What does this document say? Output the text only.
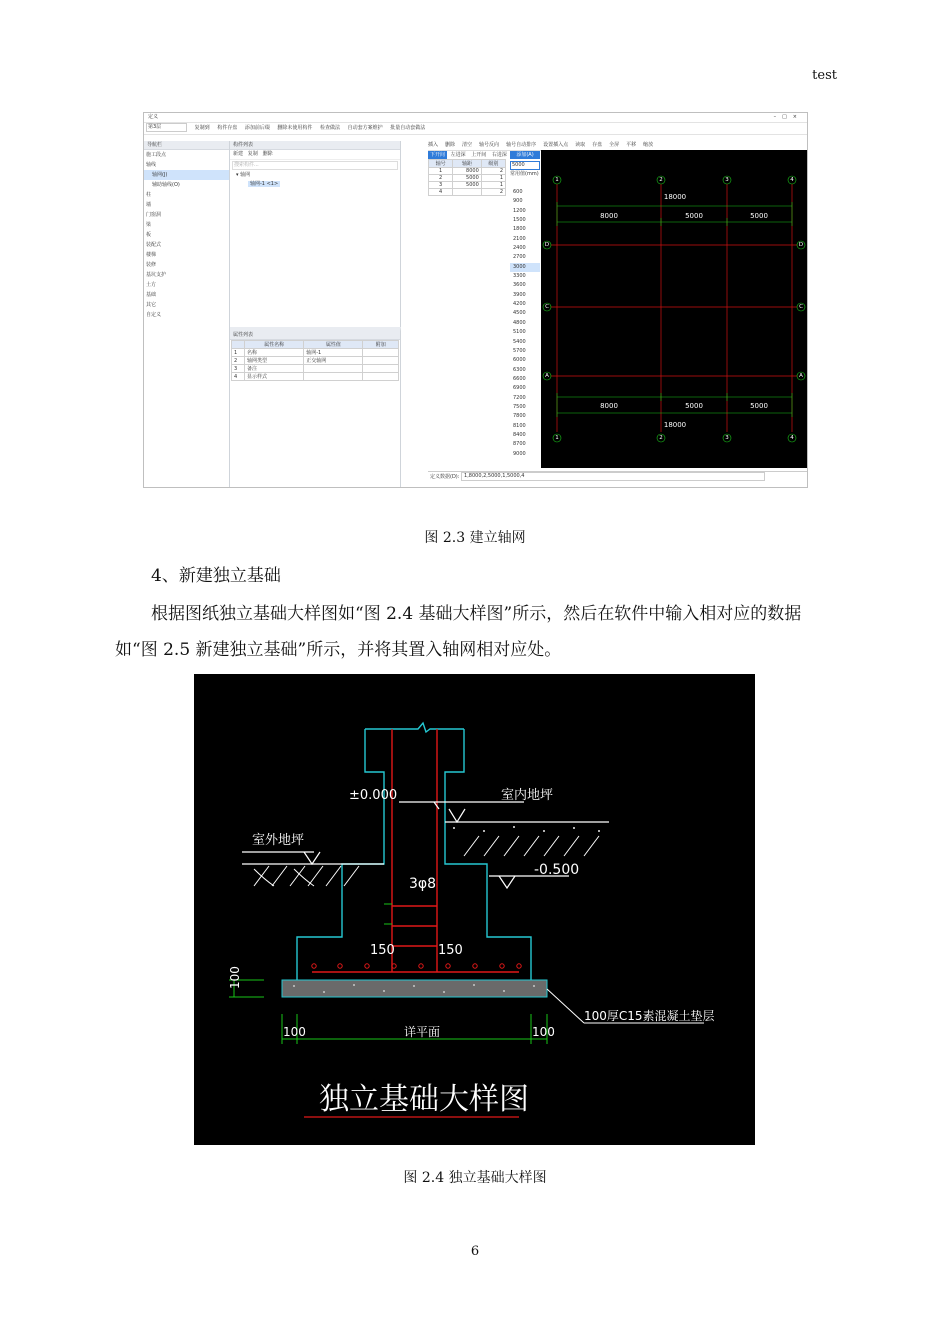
test
定义	–□×
第3层	复制到 构件存盘 添加前后缀 删除未使用构件 检查做法 自动套方案维护 批量自动套做法
导航栏
施工段点
轴线
轴网(J)
辅助轴线(O)
柱
墙
门窗洞
梁
板
装配式
楼梯
装修
基坑支护
土方
基础
其它
自定义
构件列表
新建 复制 删除
搜索构件...
▾ 轴网
轴网-1 <1>
属性列表
	属性名称	属性值	附加
1	名称	轴网-1	
2	轴网类型	正交轴网	
3	备注		
4	显示样式		
插入 删除 清空 轴号反向 轴号自动排序 设置插入点 读取 存盘 全屏 平移 缩放
下开间 左进深 上开间 右进深
轴号	轴距	级别
1	8000	2
2	5000	1
3	5000	1
4		2
添加(A)
5000
常用值(mm)
600
900
1200
1500
1800
2100
2400
2700
3000
3300
3600
3900
4200
4500
4800
5100
5400
5700
6000
6300
6600
6900
7200
7500
7800
8100
8400
8700
9000
18000
8000	5000	5000
8000	5000	5000
18000
1	2	3	4
1	2	3	4
D
C
A
D
C
A
定义数据(D): 1,8000,2,5000,1,5000,4
图 2.3 建立轴网
4、新建独立基础

根据图纸独立基础大样图如“图 2.4 基础大样图”所示，然后在软件中输入相对应的数据如“图 2.5 新建独立基础”所示，并将其置入轴网相对应处。

±0.000	室内地坪
室外地坪
3φ8
150	150
-0.500
100
100	详平面	100
100厚C15素混凝土垫层
独立基础大样图
图 2.4 独立基础大样图
6
